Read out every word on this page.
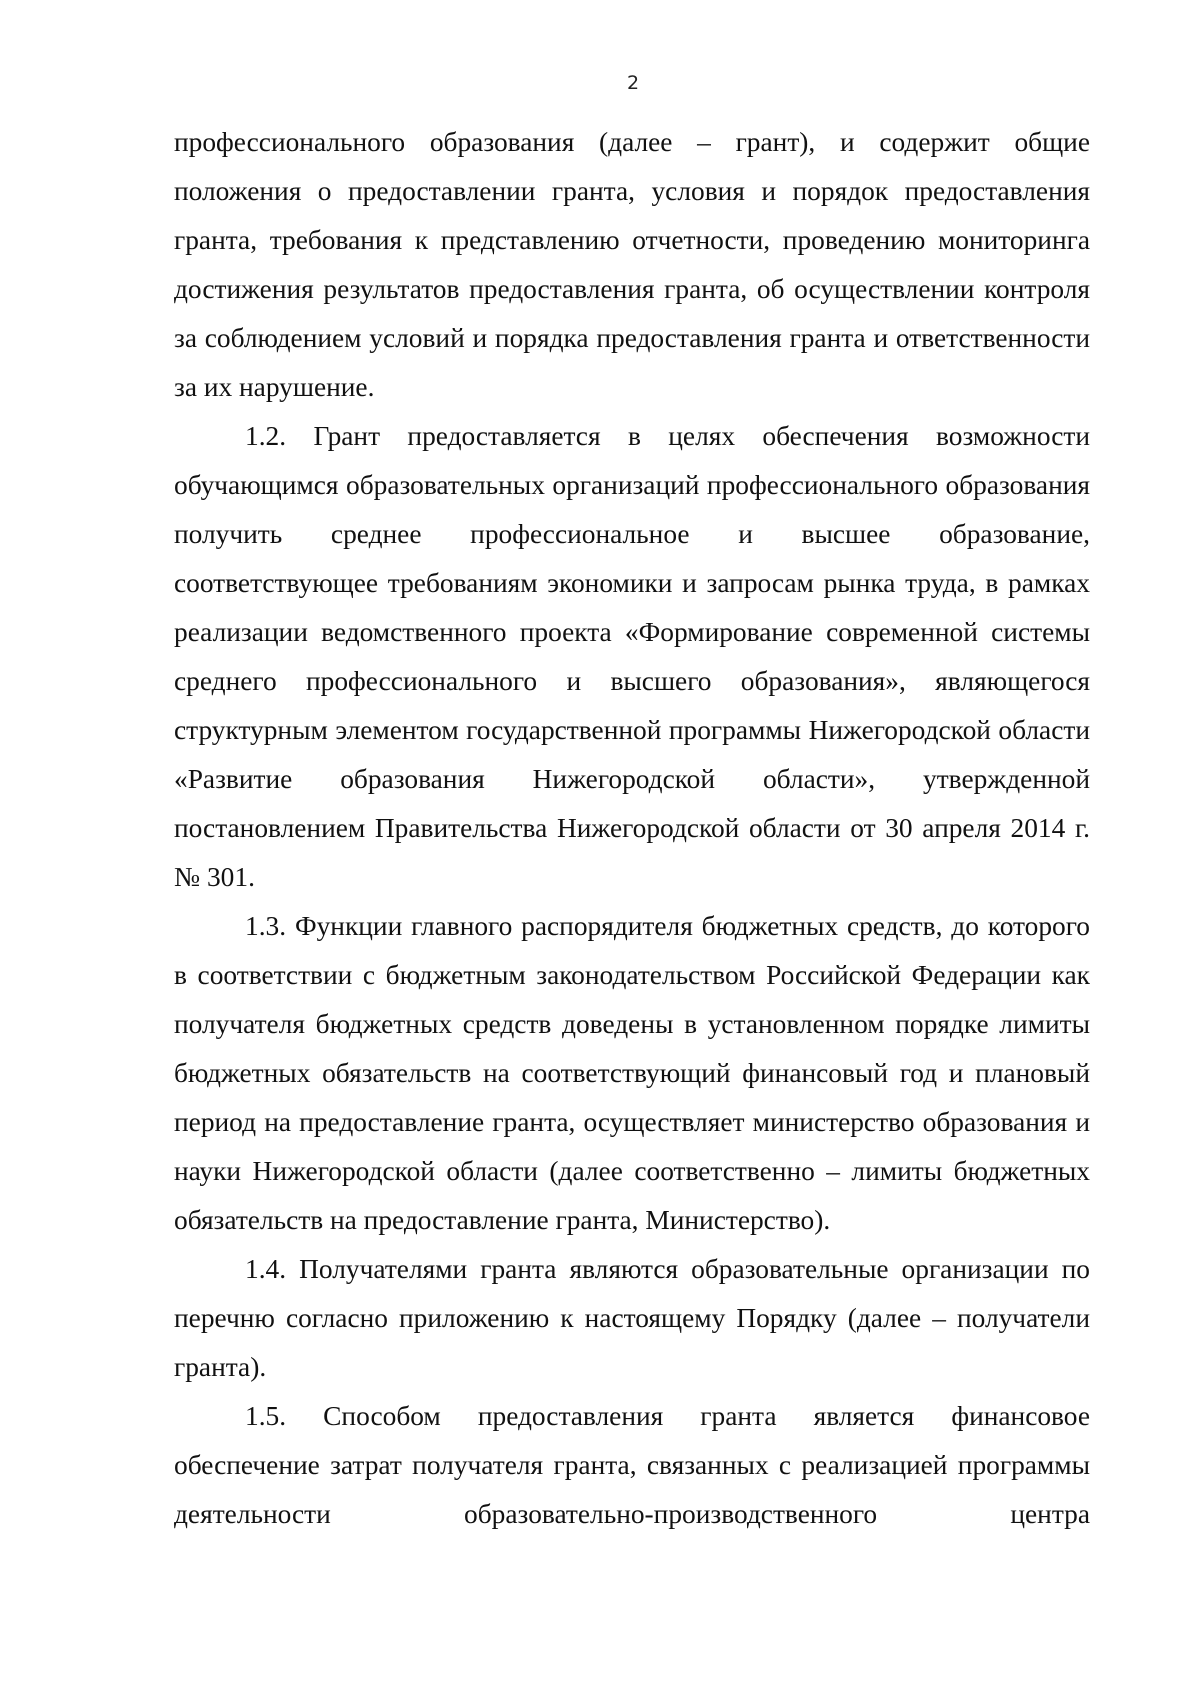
2

профессионального образования (далее – грант), и содержит общие положения о предоставлении гранта, условия и порядок предоставления гранта, требования к представлению отчетности, проведению мониторинга достижения результатов предоставления гранта, об осуществлении контроля за соблюдением условий и порядка предоставления гранта и ответственности за их нарушение.

1.2. Грант предоставляется в целях обеспечения возможности обучающимся образовательных организаций профессионального образования получить среднее профессиональное и высшее образование, соответствующее требованиям экономики и запросам рынка труда, в рамках реализации ведомственного проекта «Формирование современной системы среднего профессионального и высшего образования», являющегося структурным элементом государственной программы Нижегородской области «Развитие образования Нижегородской области», утвержденной постановлением Правительства Нижегородской области от 30 апреля 2014 г. № 301.

1.3. Функции главного распорядителя бюджетных средств, до которого в соответствии с бюджетным законодательством Российской Федерации как получателя бюджетных средств доведены в установленном порядке лимиты бюджетных обязательств на соответствующий финансовый год и плановый период на предоставление гранта, осуществляет министерство образования и науки Нижегородской области (далее соответственно – лимиты бюджетных обязательств на предоставление гранта, Министерство).

1.4. Получателями гранта являются образовательные организации по перечню согласно приложению к настоящему Порядку (далее – получатели гранта).

1.5. Способом предоставления гранта является финансовое обеспечение затрат получателя гранта, связанных с реализацией программы деятельности образовательно-производственного центра
